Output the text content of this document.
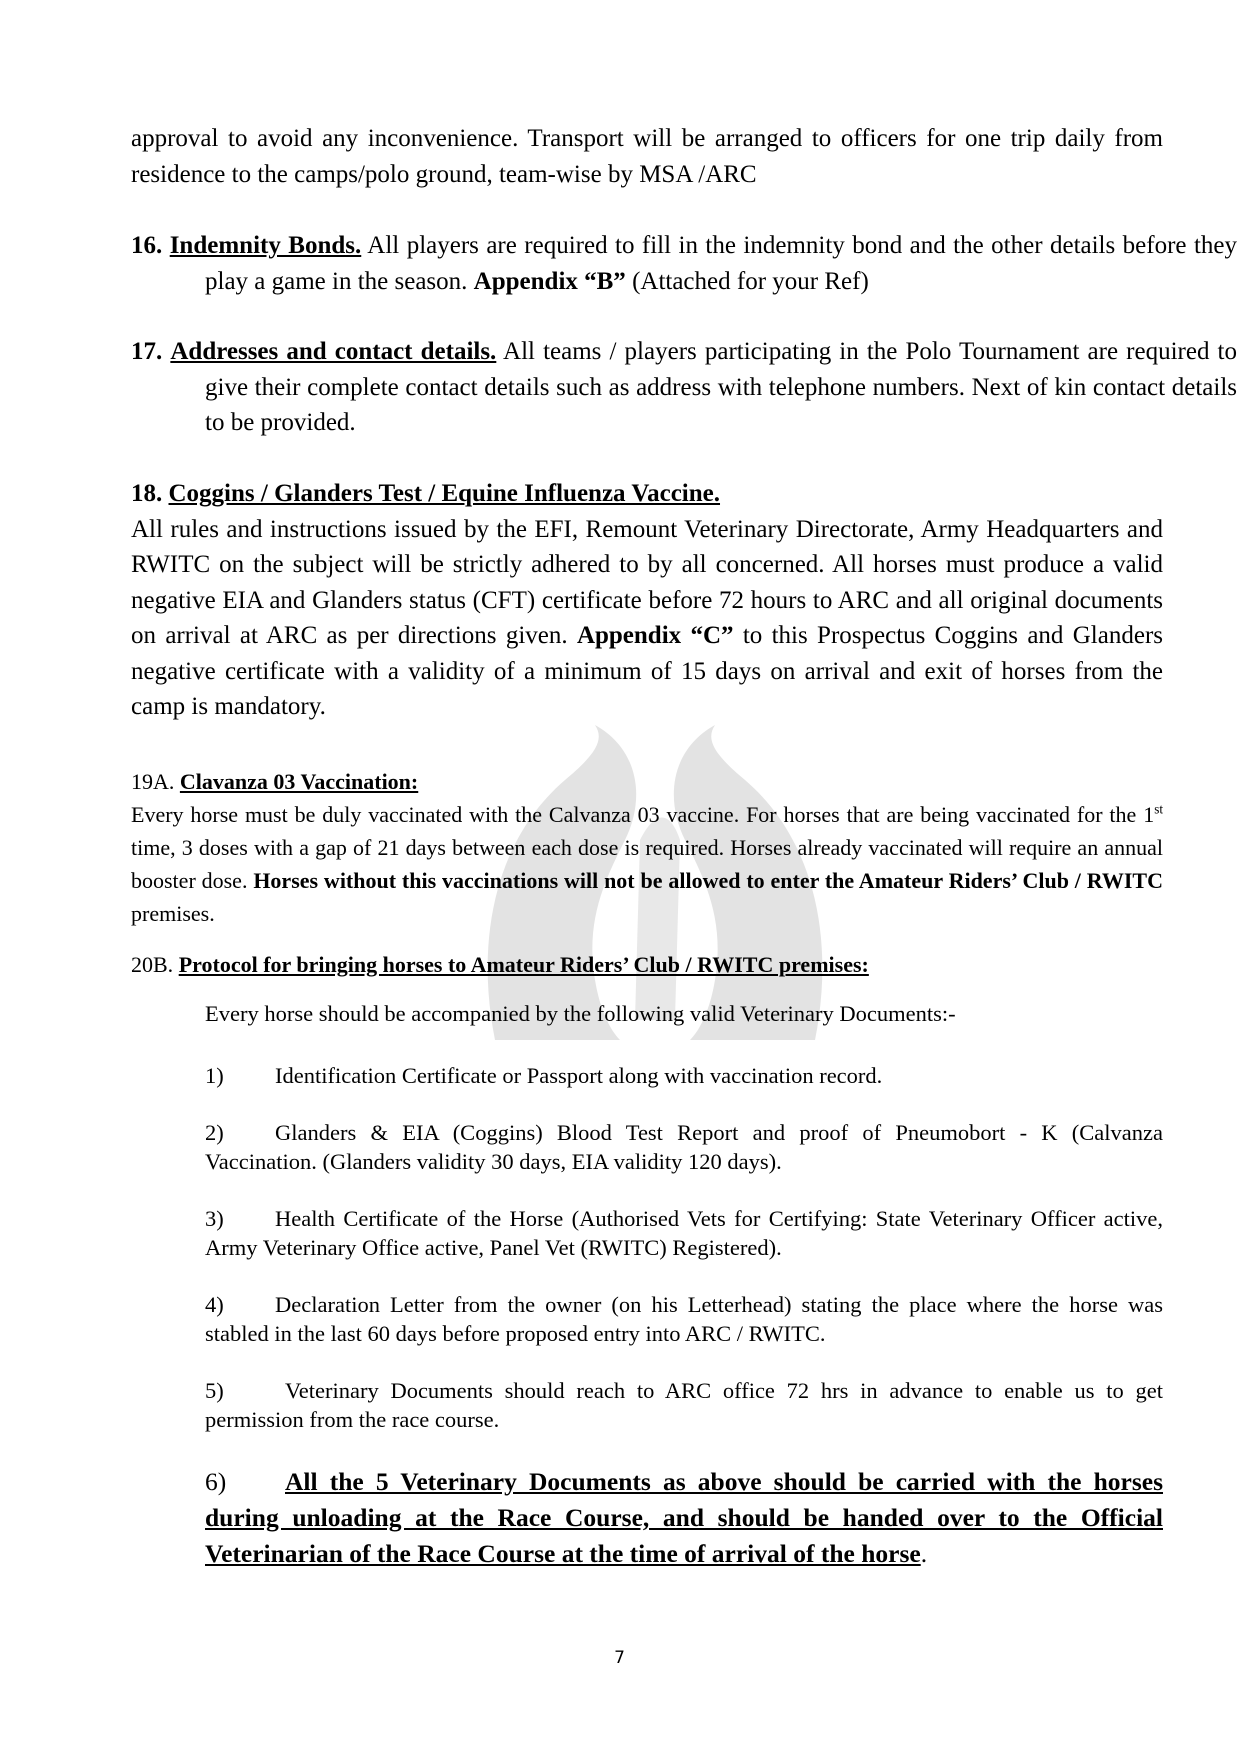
approval to avoid any inconvenience. Transport will be arranged to officers for one trip daily from residence to the camps/polo ground, team-wise by MSA /ARC
16. Indemnity Bonds. All players are required to fill in the indemnity bond and the other details before they play a game in the season. Appendix “B” (Attached for your Ref)
17. Addresses and contact details. All teams / players participating in the Polo Tournament are required to give their complete contact details such as address with telephone numbers. Next of kin contact details to be provided.
18. Coggins / Glanders Test / Equine Influenza Vaccine.
All rules and instructions issued by the EFI, Remount Veterinary Directorate, Army Headquarters and RWITC on the subject will be strictly adhered to by all concerned. All horses must produce a valid negative EIA and Glanders status (CFT) certificate before 72 hours to ARC and all original documents on arrival at ARC as per directions given. Appendix “C” to this Prospectus Coggins and Glanders negative certificate with a validity of a minimum of 15 days on arrival and exit of horses from the camp is mandatory.
19A. Clavanza 03 Vaccination:
Every horse must be duly vaccinated with the Calvanza 03 vaccine. For horses that are being vaccinated for the 1st time, 3 doses with a gap of 21 days between each dose is required. Horses already vaccinated will require an annual booster dose. Horses without this vaccinations will not be allowed to enter the Amateur Riders’ Club / RWITC premises.
20B. Protocol for bringing horses to Amateur Riders’ Club / RWITC premises:
Every horse should be accompanied by the following valid Veterinary Documents:-
1) Identification Certificate or Passport along with vaccination record.
2) Glanders & EIA (Coggins) Blood Test Report and proof of Pneumobort - K (Calvanza Vaccination. (Glanders validity 30 days, EIA validity 120 days).
3) Health Certificate of the Horse (Authorised Vets for Certifying: State Veterinary Officer active, Army Veterinary Office active, Panel Vet (RWITC) Registered).
4) Declaration Letter from the owner (on his Letterhead) stating the place where the horse was stabled in the last 60 days before proposed entry into ARC / RWITC.
5)	Veterinary Documents should reach to ARC office 72 hrs in advance to enable us to get permission from the race course.
6) All the 5 Veterinary Documents as above should be carried with the horses during unloading at the Race Course, and should be handed over to the Official Veterinarian of the Race Course at the time of arrival of the horse.
7
